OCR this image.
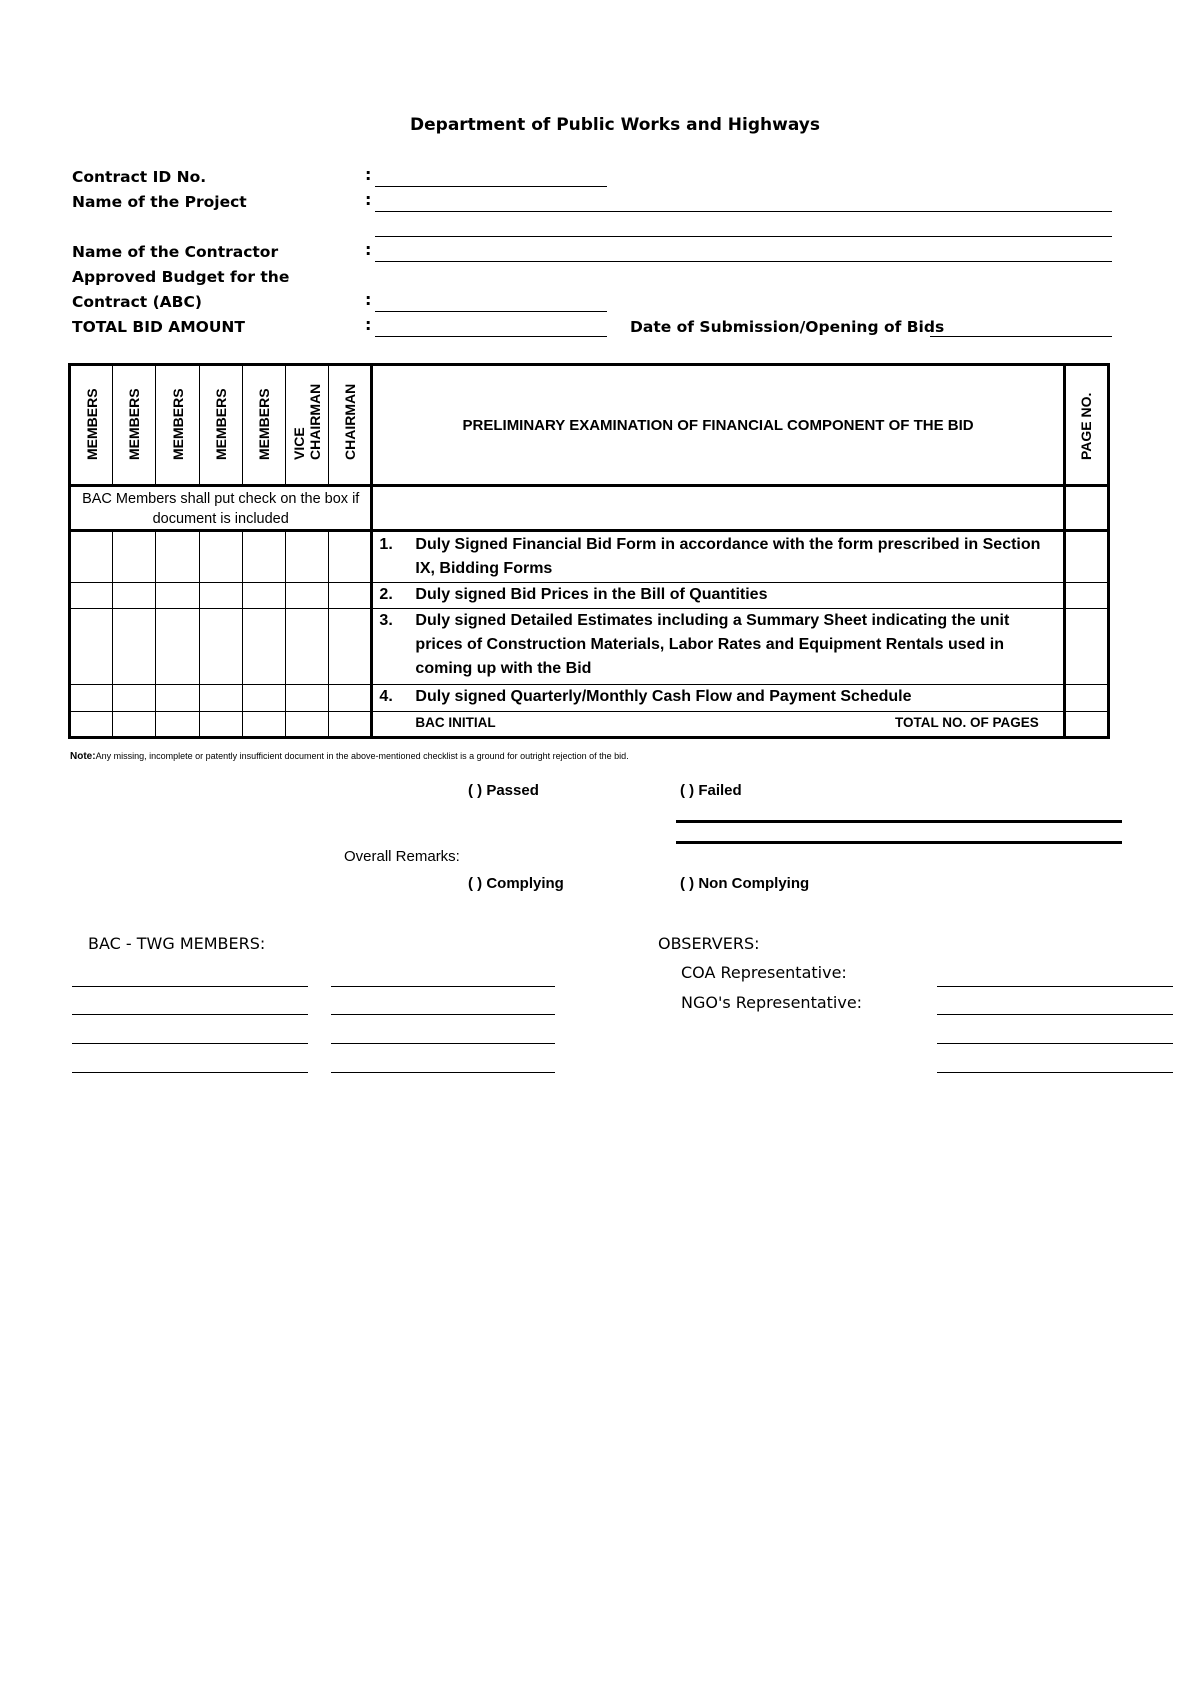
Department of Public Works and Highways
Contract ID No.	:
Name of the Project	:
Name of the Contractor	:
Approved Budget for the
Contract (ABC)	:
TOTAL BID AMOUNT	:	Date of Submission/Opening of Bids
MEMBERS	MEMBERS	MEMBERS	MEMBERS	MEMBERS	VICE CHAIRMAN	CHAIRMAN	PRELIMINARY EXAMINATION OF FINANCIAL COMPONENT OF THE BID	PAGE NO.

BAC Members shall put check on the box if document is included								

							1. Duly Signed Financial Bid Form in accordance with the form prescribed in Section IX, Bidding Forms	

							2. Duly signed Bid Prices in the Bill of Quantities	

							3. Duly signed Detailed Estimates including a Summary Sheet indicating the unit prices of Construction Materials, Labor Rates and Equipment Rentals used in coming up with the Bid	

							4. Duly signed Quarterly/Monthly Cash Flow and Payment Schedule	

							BAC INITIAL TOTAL NO. OF PAGES	

Note:Any missing, incomplete or patently insufficient document in the above-mentioned checklist is a ground for outright rejection of the bid.
( ) Passed	( ) Failed
Overall Remarks:
( ) Complying	( ) Non Complying
BAC - TWG MEMBERS:	OBSERVERS:
COA Representative:
NGO's Representative:
